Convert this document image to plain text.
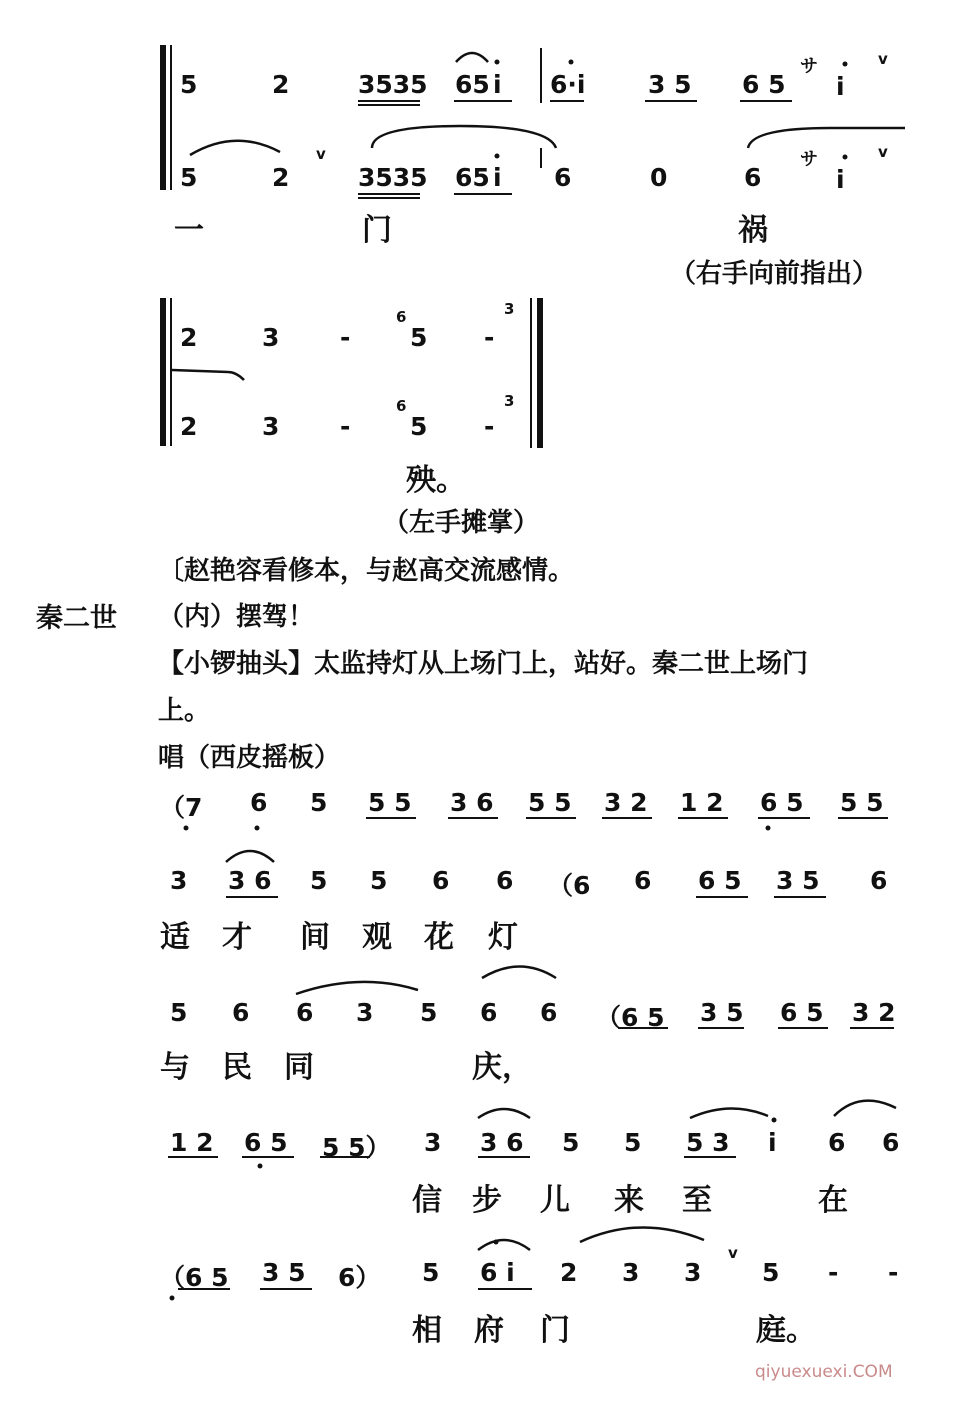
5	2	3535 65 i 6·i	3 5 6 5
サ
i
v
5	2
v
3535 65 i 6	0	6
サ
i
v
一	门	祸
（右手向前指出）
2	3 -
6
5 -
3
2	3 -
6
5 -
3
殃。
（左手摊掌）
〔赵艳容看修本，与赵高交流感情。
秦二世 （内）摆驾！
【小锣抽头】太监持灯从上场门上，站好。秦二世上场门
上。
唱（西皮摇板）
（7 6 5 5 5 3 6 5 5 3 2 1 2 6 5 5 5
3 3 6 5 5 6 6 （6 6 6 5 3 5 6
适 才 间 观 花 灯
5 6 6 3 5 6 6 （6 5 3 5 6 5 3 2
与 民 同	庆，
1 2 6 5 5 5） 3 3 6 5 5 5 3 i 6 6
信 步 儿 来 至	在
（6 5 3 5 6） 5 6 i 2 3 3
v
5 - -
相 府 门	庭。
qiyuexuexi.COM
